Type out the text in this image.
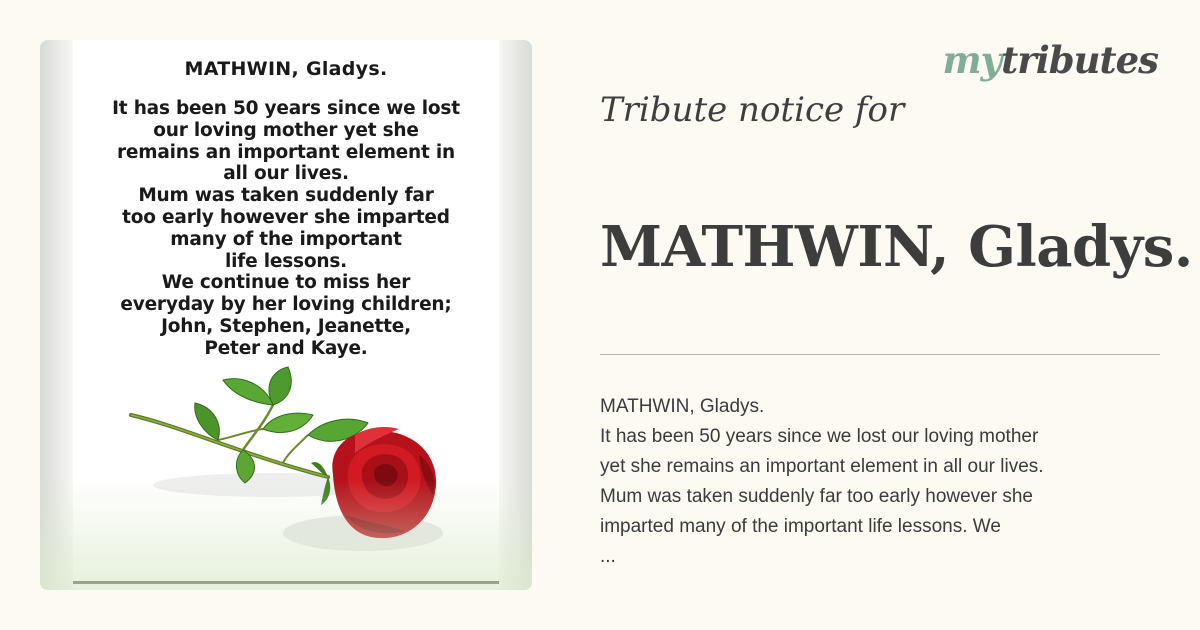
MATHWIN, Gladys.
It has been 50 years since we lost
our loving mother yet she
remains an important element in
all our lives.
Mum was taken suddenly far
too early however she imparted
many of the important
life lessons.
We continue to miss her
everyday by her loving children;
John, Stephen, Jeanette,
Peter and Kaye.
mytributes
Tribute notice for
MATHWIN, Gladys.
MATHWIN, Gladys.
It has been 50 years since we lost our loving mother
yet she remains an important element in all our lives.
Mum was taken suddenly far too early however she
imparted many of the important life lessons. We
...
